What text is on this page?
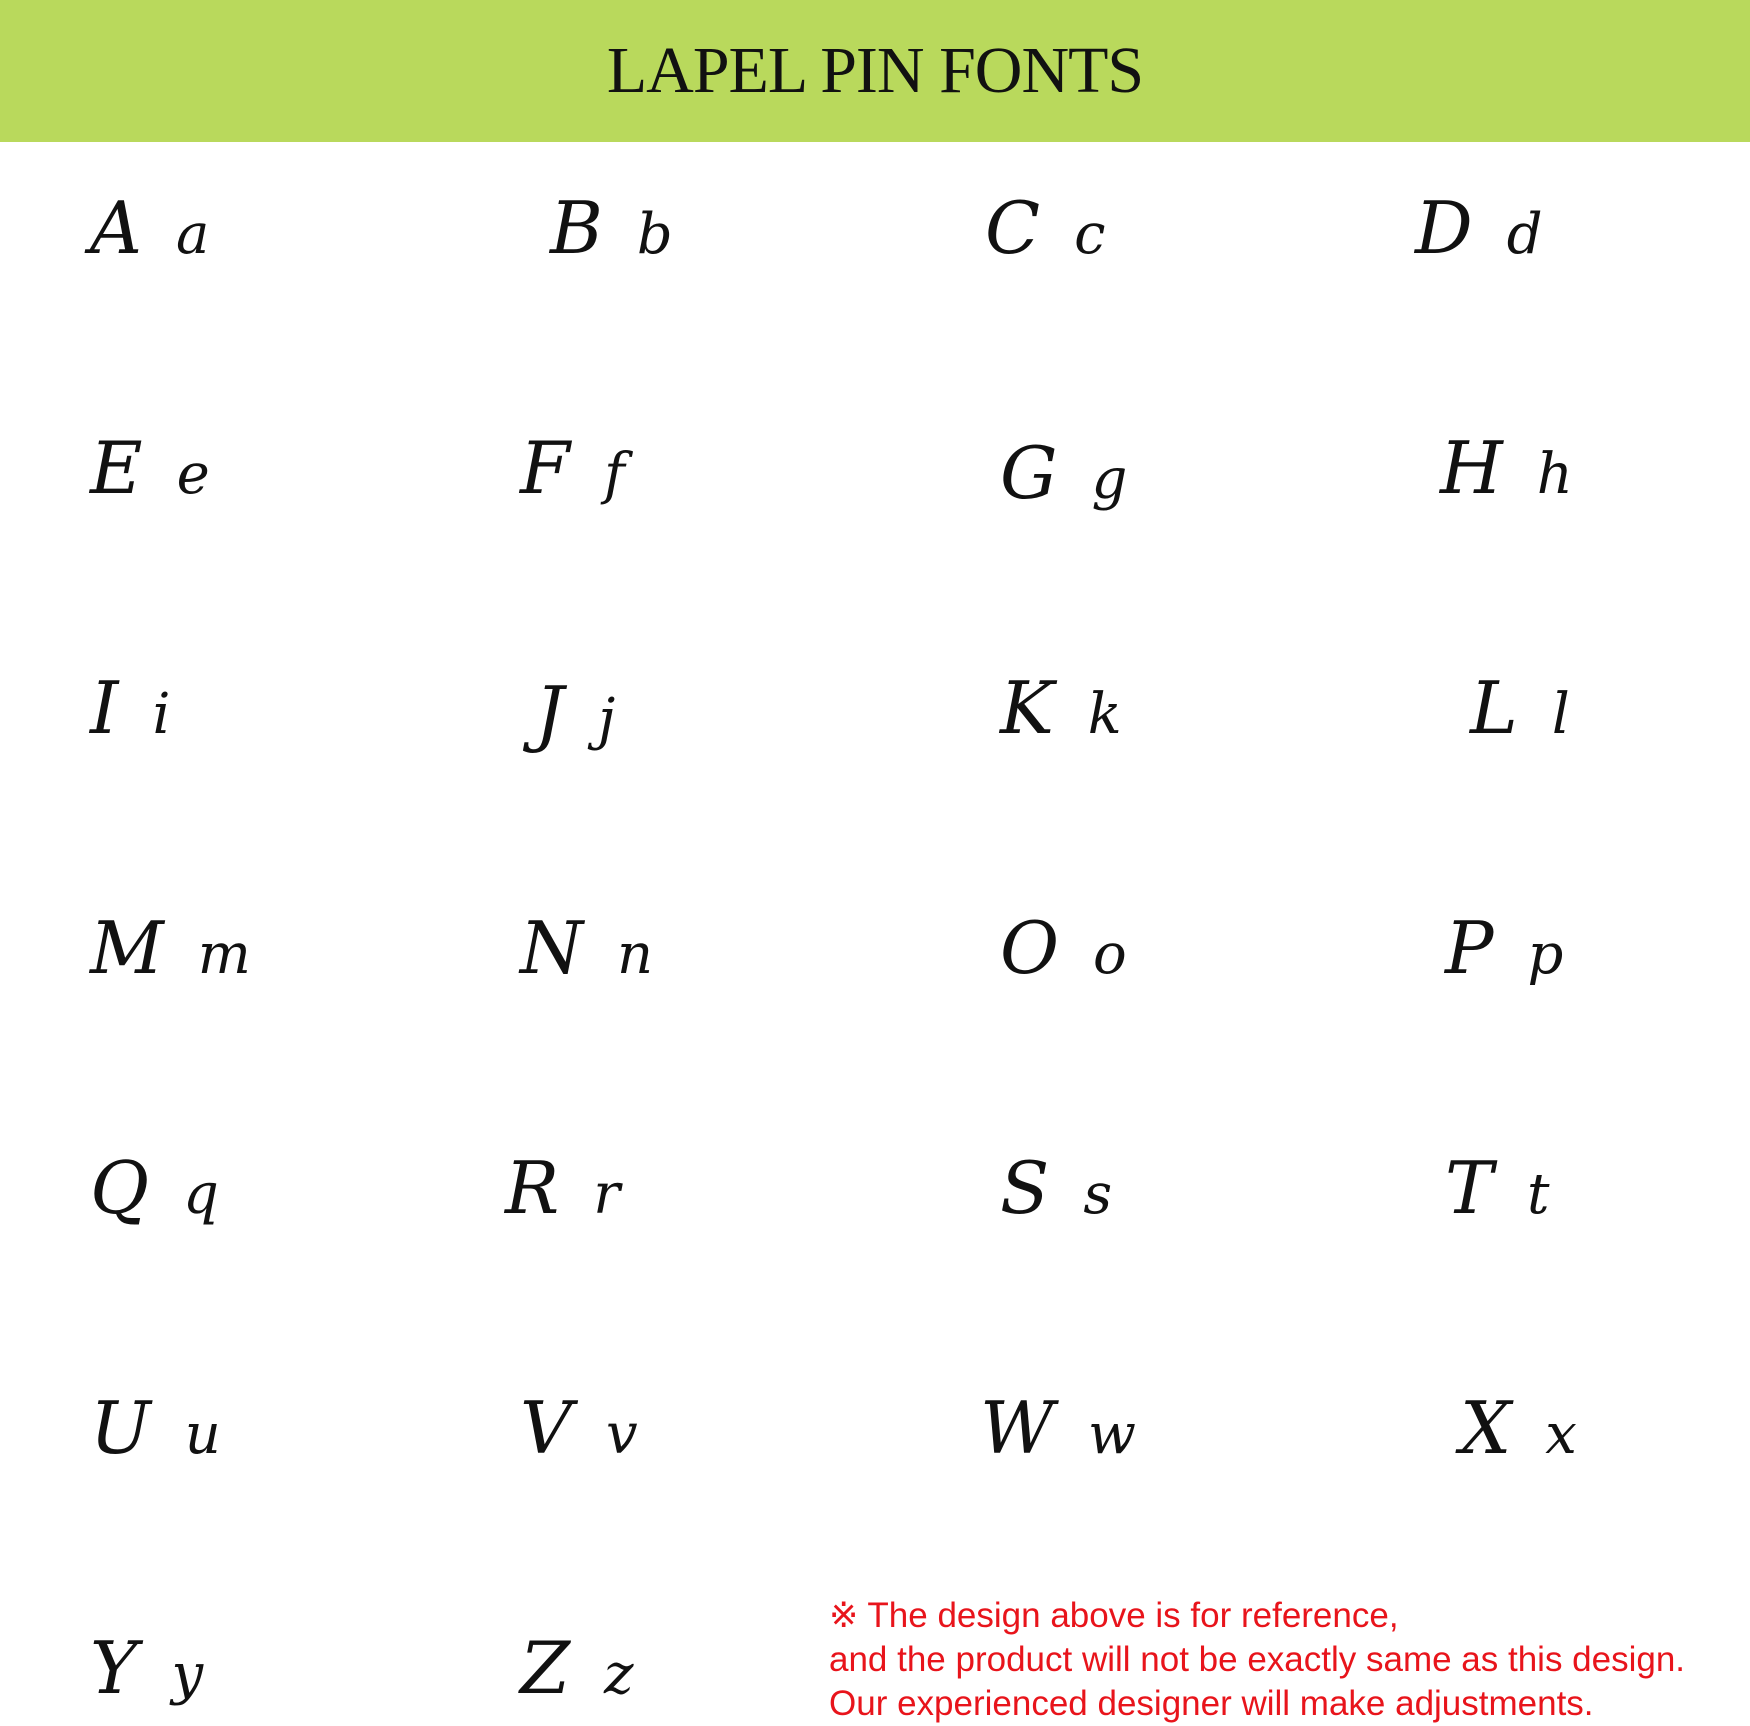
LAPEL PIN FONTS
A a	B b	C c	D d
E e	F f	G g	H h
I i	J j	K k	L l
M m	N n	O o	P p
Q q	R r	S s	T t
U u	V v	W w	X x
Y y	Z z
※ The design above is for reference,
and the product will not be exactly same as this design.
Our experienced designer will make adjustments.
